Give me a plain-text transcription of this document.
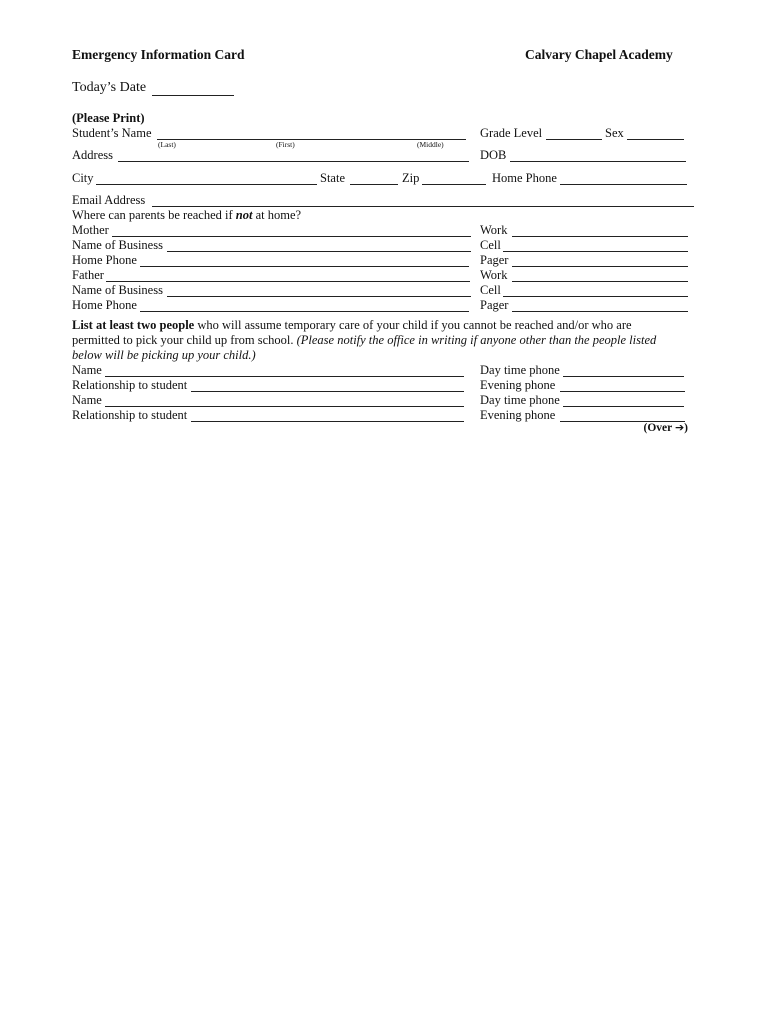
Emergency Information Card	Calvary Chapel Academy
Today’s Date
(Please Print)
Student’s Name
(Last)	(First)	(Middle)
Grade Level	Sex
Address	DOB
City	State	Zip	Home Phone
Email Address
Where can parents be reached if not at home?
Mother	Work
Name of Business	Cell
Home Phone	Pager
Father	Work
Name of Business	Cell
Home Phone	Pager
List at least two people who will assume temporary care of your child if you cannot be reached and/or who are permitted to pick your child up from school. (Please notify the office in writing if anyone other than the people listed below will be picking up your child.)
Name	Day time phone
Relationship to student	Evening phone
Name	Day time phone
Relationship to student	Evening phone
(Over ➔)
